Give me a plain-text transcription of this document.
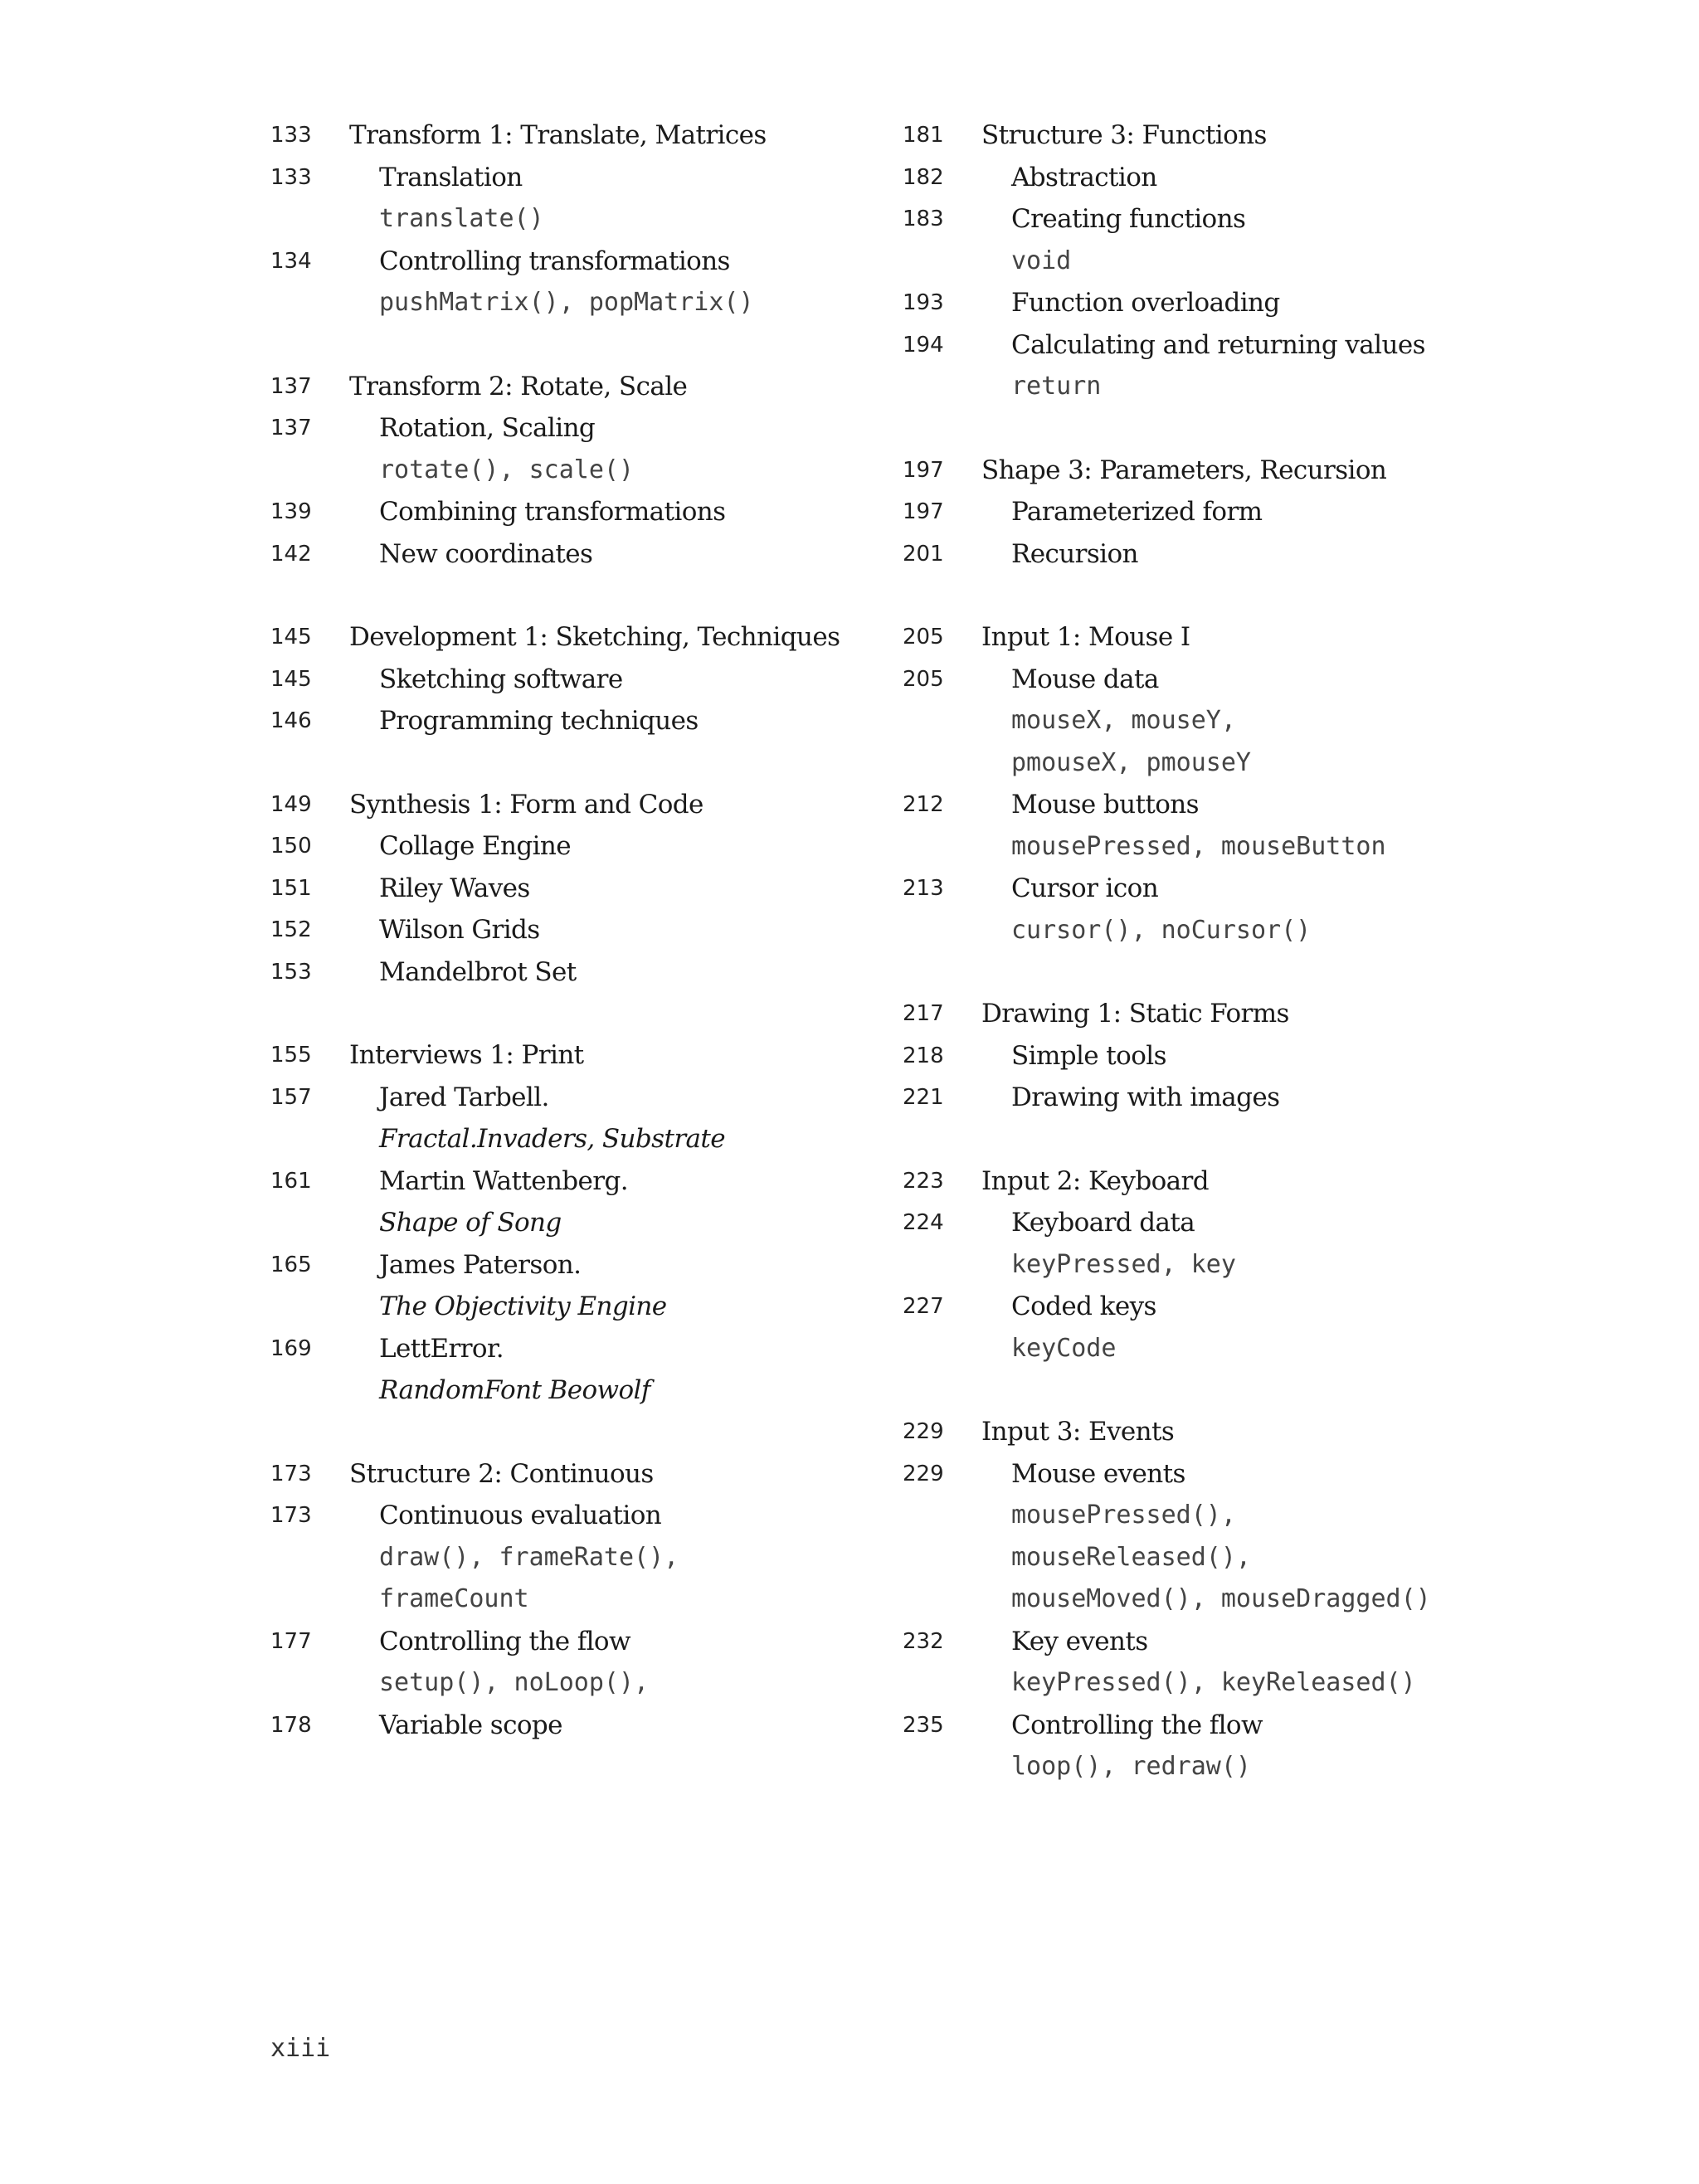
133	Transform 1: Translate, Matrices
133	Translation
translate()
134	Controlling transformations
pushMatrix(), popMatrix()
137	Transform 2: Rotate, Scale
137	Rotation, Scaling
rotate(), scale()
139	Combining transformations
142	New coordinates
145	Development 1: Sketching, Techniques
145	Sketching software
146	Programming techniques
149	Synthesis 1: Form and Code
150	Collage Engine
151	Riley Waves
152	Wilson Grids
153	Mandelbrot Set
155	Interviews 1: Print
157	Jared Tarbell.
Fractal.Invaders, Substrate
161	Martin Wattenberg.
Shape of Song
165	James Paterson.
The Objectivity Engine
169	LettError.
RandomFont Beowolf
173	Structure 2: Continuous
173	Continuous evaluation
draw(), frameRate(),
frameCount
177	Controlling the flow
setup(), noLoop(),
178	Variable scope
181	Structure 3: Functions
182	Abstraction
183	Creating functions
void
193	Function overloading
194	Calculating and returning values
return
197	Shape 3: Parameters, Recursion
197	Parameterized form
201	Recursion
205	Input 1: Mouse I
205	Mouse data
mouseX, mouseY,
pmouseX, pmouseY
212	Mouse buttons
mousePressed, mouseButton
213	Cursor icon
cursor(), noCursor()
217	Drawing 1: Static Forms
218	Simple tools
221	Drawing with images
223	Input 2: Keyboard
224	Keyboard data
keyPressed, key
227	Coded keys
keyCode
229	Input 3: Events
229	Mouse events
mousePressed(),
mouseReleased(),
mouseMoved(), mouseDragged()
232	Key events
keyPressed(), keyReleased()
235	Controlling the flow
loop(), redraw()
xiii
